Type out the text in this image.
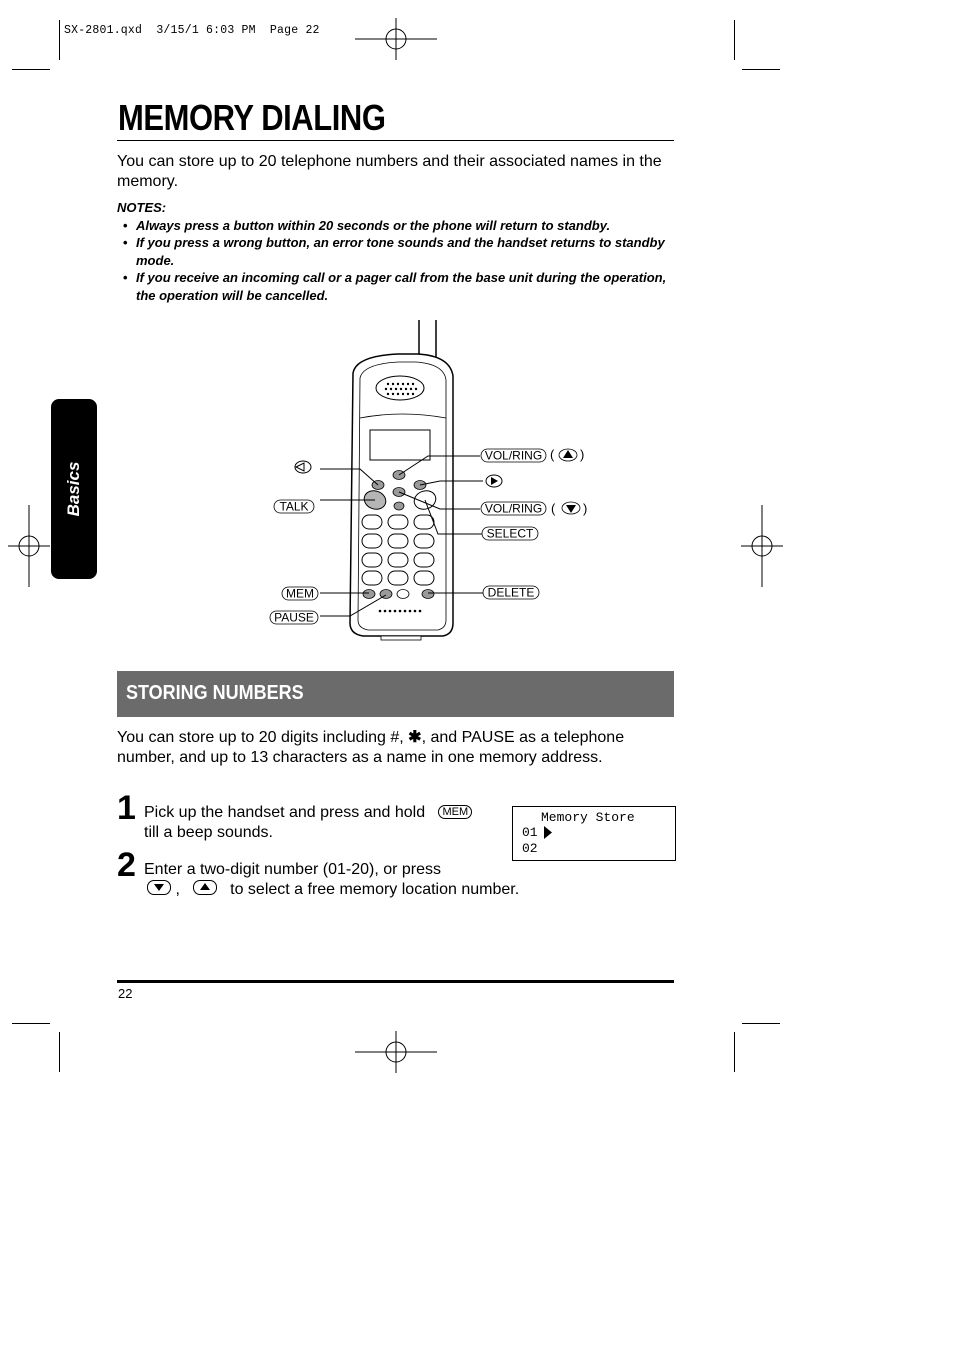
SX-2801.qxd  3/15/1 6:03 PM  Page 22
MEMORY DIALING
You can store up to 20 telephone numbers and their associated names in the memory.
NOTES:
• Always press a button within 20 seconds or the phone will return to standby.
• If you press a wrong button, an error tone sounds and the handset returns to standby mode.
• If you receive an incoming call or a pager call from the base unit during the operation, the operation will be cancelled.
Basics
VOL/RING ( )
VOL/RING ( )
SELECT
DELETE
TALK
MEM
PAUSE
STORING NUMBERS
You can store up to 20 digits including #, ✱, and PAUSE as a telephone number, and up to 13 characters as a name in one memory address.
1 Pick up the handset and press and hold MEM
till a beep sounds.
Memory Store
01
02
2 Enter a two-digit number (01-20), or press
,	to select a free memory location number.
22
